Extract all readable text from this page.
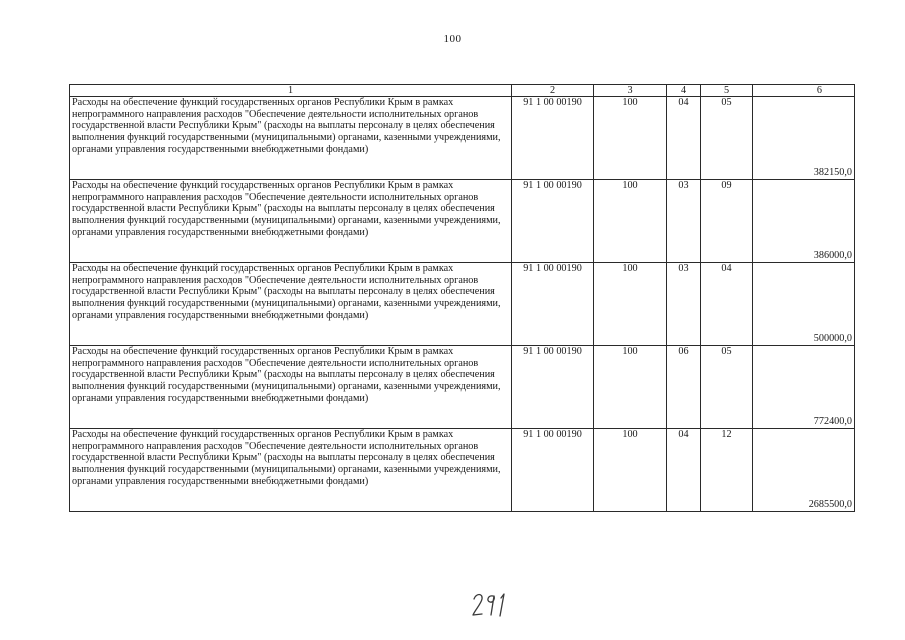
100
1	2	3	4	5	6
Расходы на обеспечение функций государственных органов Республики Крым в рамках непрограммного направления расходов "Обеспечение деятельности исполнительных органов государственной власти Республики Крым" (расходы на выплаты персоналу в целях обеспечения выполнения функций государственными (муниципальными) органами, казенными учреждениями, органами управления государственными внебюджетными фондами)	91 1 00 00190	100	04	05	382150,0
Расходы на обеспечение функций государственных органов Республики Крым в рамках непрограммного направления расходов "Обеспечение деятельности исполнительных органов государственной власти Республики Крым" (расходы на выплаты персоналу в целях обеспечения выполнения функций государственными (муниципальными) органами, казенными учреждениями, органами управления государственными внебюджетными фондами)	91 1 00 00190	100	03	09	386000,0
Расходы на обеспечение функций государственных органов Республики Крым в рамках непрограммного направления расходов "Обеспечение деятельности исполнительных органов государственной власти Республики Крым" (расходы на выплаты персоналу в целях обеспечения выполнения функций государственными (муниципальными) органами, казенными учреждениями, органами управления государственными внебюджетными фондами)	91 1 00 00190	100	03	04	500000,0
Расходы на обеспечение функций государственных органов Республики Крым в рамках непрограммного направления расходов "Обеспечение деятельности исполнительных органов государственной власти Республики Крым" (расходы на выплаты персоналу в целях обеспечения выполнения функций государственными (муниципальными) органами, казенными учреждениями, органами управления государственными внебюджетными фондами)	91 1 00 00190	100	06	05	772400,0
Расходы на обеспечение функций государственных органов Республики Крым в рамках непрограммного направления расходов "Обеспечение деятельности исполнительных органов государственной власти Республики Крым" (расходы на выплаты персоналу в целях обеспечения выполнения функций государственными (муниципальными) органами, казенными учреждениями, органами управления государственными внебюджетными фондами)	91 1 00 00190	100	04	12	2685500,0
